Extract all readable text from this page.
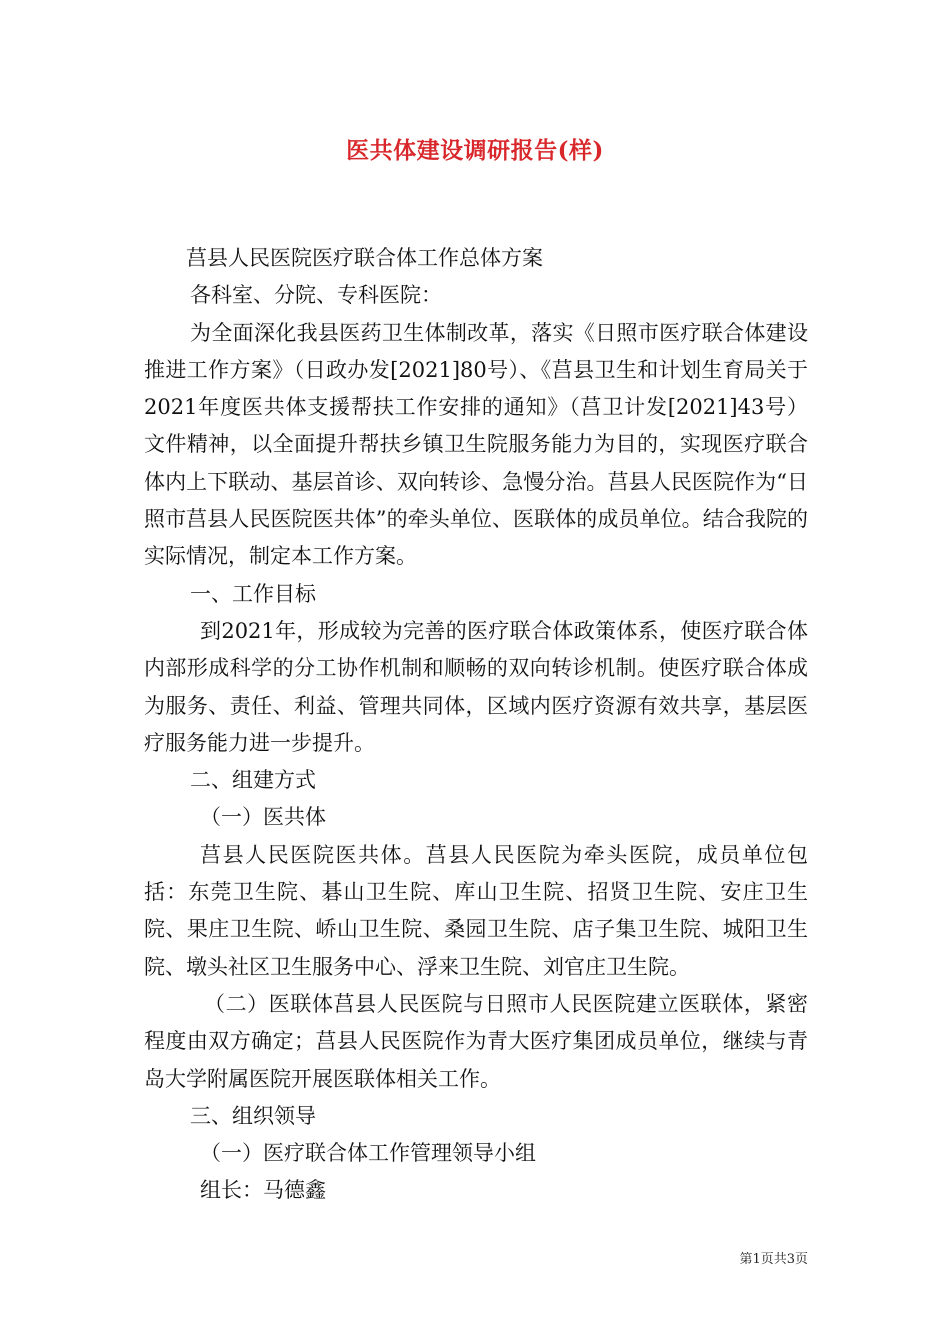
医共体建设调研报告(样)

莒县人民医院医疗联合体工作总体方案

各科室、分院、专科医院：

为全面深化我县医药卫生体制改革，落实《日照市医疗联合体建设推进工作方案》（日政办发[2021]80号）、《莒县卫生和计划生育局关于2021年度医共体支援帮扶工作安排的通知》（莒卫计发[2021]43号）文件精神，以全面提升帮扶乡镇卫生院服务能力为目的，实现医疗联合体内上下联动、基层首诊、双向转诊、急慢分治。莒县人民医院作为“日照市莒县人民医院医共体”的牵头单位、医联体的成员单位。结合我院的实际情况，制定本工作方案。

一、工作目标

到2021年，形成较为完善的医疗联合体政策体系，使医疗联合体内部形成科学的分工协作机制和顺畅的双向转诊机制。使医疗联合体成为服务、责任、利益、管理共同体，区域内医疗资源有效共享，基层医疗服务能力进一步提升。

二、组建方式

（一）医共体

莒县人民医院医共体。莒县人民医院为牵头医院，成员单位包括：东莞卫生院、碁山卫生院、库山卫生院、招贤卫生院、安庄卫生院、果庄卫生院、峤山卫生院、桑园卫生院、店子集卫生院、城阳卫生院、墩头社区卫生服务中心、浮来卫生院、刘官庄卫生院。

（二）医联体莒县人民医院与日照市人民医院建立医联体，紧密程度由双方确定；莒县人民医院作为青大医疗集团成员单位，继续与青岛大学附属医院开展医联体相关工作。

三、组织领导

（一）医疗联合体工作管理领导小组

组长：马德鑫

第1页共3页
